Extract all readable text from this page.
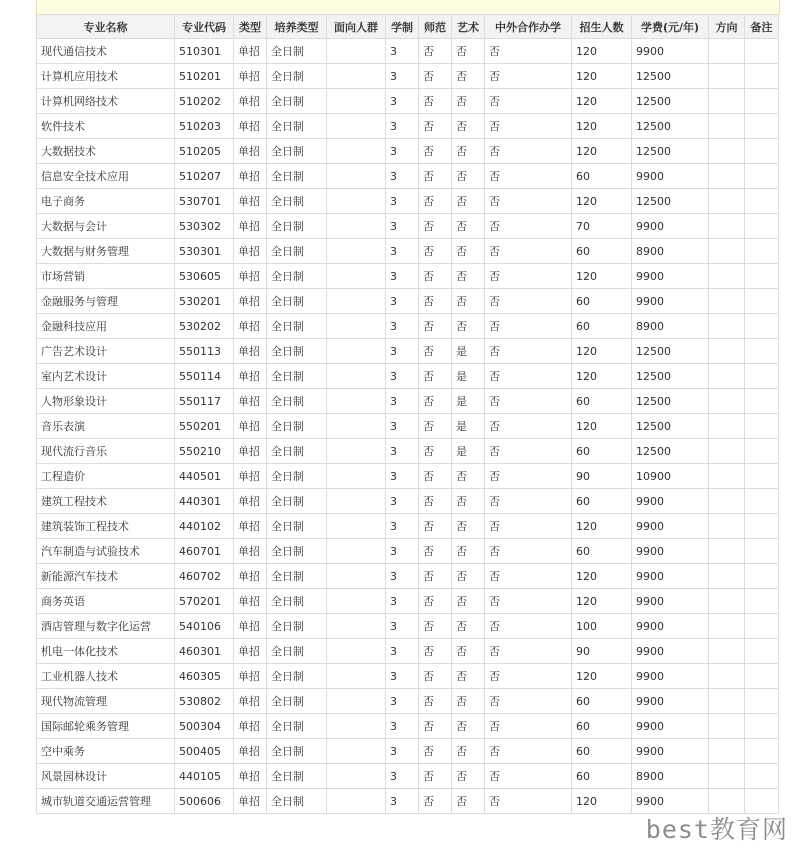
专业名称	专业代码	类型	培养类型	面向人群	学制	师范	艺术	中外合作办学	招生人数	学费(元/年)	方向	备注
现代通信技术	510301	单招	全日制		3	否	否	否	120	9900		
计算机应用技术	510201	单招	全日制		3	否	否	否	120	12500		
计算机网络技术	510202	单招	全日制		3	否	否	否	120	12500		
软件技术	510203	单招	全日制		3	否	否	否	120	12500		
大数据技术	510205	单招	全日制		3	否	否	否	120	12500		
信息安全技术应用	510207	单招	全日制		3	否	否	否	60	9900		
电子商务	530701	单招	全日制		3	否	否	否	120	12500		
大数据与会计	530302	单招	全日制		3	否	否	否	70	9900		
大数据与财务管理	530301	单招	全日制		3	否	否	否	60	8900		
市场营销	530605	单招	全日制		3	否	否	否	120	9900		
金融服务与管理	530201	单招	全日制		3	否	否	否	60	9900		
金融科技应用	530202	单招	全日制		3	否	否	否	60	8900		
广告艺术设计	550113	单招	全日制		3	否	是	否	120	12500		
室内艺术设计	550114	单招	全日制		3	否	是	否	120	12500		
人物形象设计	550117	单招	全日制		3	否	是	否	60	12500		
音乐表演	550201	单招	全日制		3	否	是	否	120	12500		
现代流行音乐	550210	单招	全日制		3	否	是	否	60	12500		
工程造价	440501	单招	全日制		3	否	否	否	90	10900		
建筑工程技术	440301	单招	全日制		3	否	否	否	60	9900		
建筑装饰工程技术	440102	单招	全日制		3	否	否	否	120	9900		
汽车制造与试验技术	460701	单招	全日制		3	否	否	否	60	9900		
新能源汽车技术	460702	单招	全日制		3	否	否	否	120	9900		
商务英语	570201	单招	全日制		3	否	否	否	120	9900		
酒店管理与数字化运营	540106	单招	全日制		3	否	否	否	100	9900		
机电一体化技术	460301	单招	全日制		3	否	否	否	90	9900		
工业机器人技术	460305	单招	全日制		3	否	否	否	120	9900		
现代物流管理	530802	单招	全日制		3	否	否	否	60	9900		
国际邮轮乘务管理	500304	单招	全日制		3	否	否	否	60	9900		
空中乘务	500405	单招	全日制		3	否	否	否	60	9900		
风景园林设计	440105	单招	全日制		3	否	否	否	60	8900		
城市轨道交通运营管理	500606	单招	全日制		3	否	否	否	120	9900		
best教育网
